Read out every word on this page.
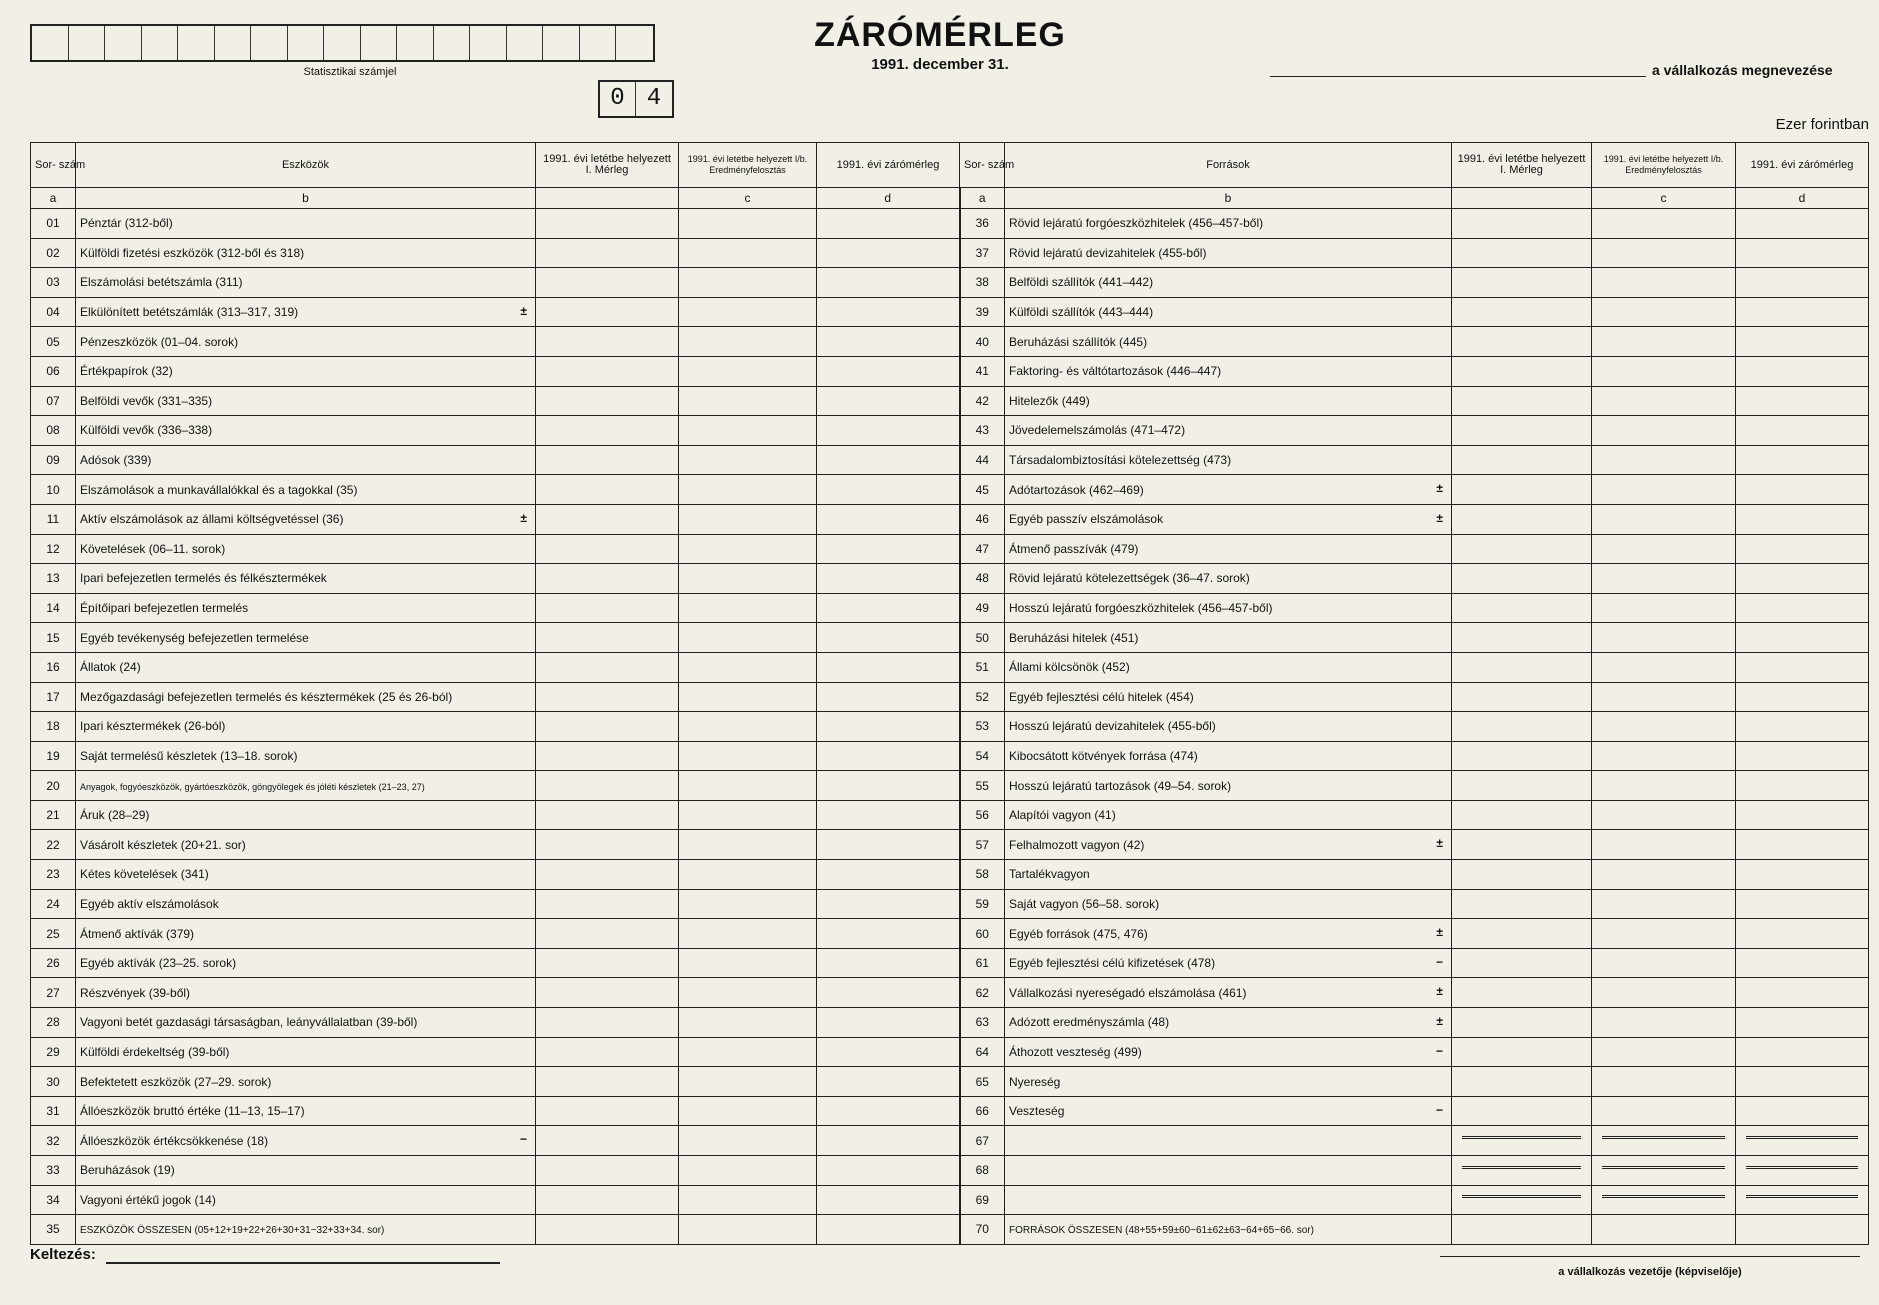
Statisztikai számjel
0 4
ZÁRÓMÉRLEG
1991. december 31.	a vállalkozás megnevezése
Ezer forintban
Sor- szám	Eszközök	1991. évi letétbe helyezett I. Mérleg	1991. évi letétbe helyezett I/b. Eredményfelosztás	1991. évi zárómérleg	Sor- szám	Források	1991. évi letétbe helyezett I. Mérleg	1991. évi letétbe helyezett I/b. Eredményfelosztás	1991. évi zárómérleg
a	b		c	d	a	b		c	d
01	Pénztár (312-ből)				36	Rövid lejáratú forgóeszközhitelek (456–457-ből)

02	Külföldi fizetési eszközök (312-ből és 318)				37	Rövid lejáratú devizahitelek (455-ből)

03	Elszámolási betétszámla (311)				38	Belföldi szállítók (441–442)

04	Elkülönített betétszámlák (313–317, 319) ±				39	Külföldi szállítók (443–444)

05	Pénzeszközök (01–04. sorok)				40	Beruházási szállítók (445)

06	Értékpapírok (32)				41	Faktoring- és váltótartozások (446–447)

07	Belföldi vevők (331–335)				42	Hitelezők (449)

08	Külföldi vevők (336–338)				43	Jövedelemelszámolás (471–472)

09	Adósok (339)				44	Társadalombiztosítási kötelezettség (473)

10	Elszámolások a munkavállalókkal és a tagokkal (35)				45	Adótartozások (462–469) ±			

11	Aktív elszámolások az állami költségvetéssel (36) ±				46	Egyéb passzív elszámolások ±			

12	Követelések (06–11. sorok)				47	Átmenő passzívák (479)

13	Ipari befejezetlen termelés és félkésztermékek				48	Rövid lejáratú kötelezettségek (36–47. sorok)

14	Építőipari befejezetlen termelés				49	Hosszú lejáratú forgóeszközhitelek (456–457-ből)

15	Egyéb tevékenység befejezetlen termelése				50	Beruházási hitelek (451)

16	Állatok (24)				51	Állami kölcsönök (452)

17	Mezőgazdasági befejezetlen termelés és késztermékek (25 és 26-ból)				52	Egyéb fejlesztési célú hitelek (454)

18	Ipari késztermékek (26-ból)				53	Hosszú lejáratú devizahitelek (455-ből)

19	Saját termelésű készletek (13–18. sorok)				54	Kibocsátott kötvények forrása (474)

20	Anyagok, fogyóeszközök, gyártóeszközök, göngyölegek és jóléti készletek (21–23, 27)				55	Hosszú lejáratú tartozások (49–54. sorok)

21	Áruk (28–29)				56	Alapítói vagyon (41)

22	Vásárolt készletek (20+21. sor)				57	Felhalmozott vagyon (42) ±			

23	Kétes követelések (341)				58	Tartalékvagyon

24	Egyéb aktív elszámolások				59	Saját vagyon (56–58. sorok)

25	Átmenő aktívák (379)				60	Egyéb források (475, 476) ±			

26	Egyéb aktívák (23–25. sorok)				61	Egyéb fejlesztési célú kifizetések (478) −			

27	Részvények (39-ből)				62	Vállalkozási nyereségadó elszámolása (461) ±			

28	Vagyoni betét gazdasági társaságban, leányvállalatban (39-ből)				63	Adózott eredményszámla (48) ±			

29	Külföldi érdekeltség (39-ből)				64	Áthozott veszteség (499) −			

30	Befektetett eszközök (27–29. sorok)				65	Nyereség

31	Állóeszközök bruttó értéke (11–13, 15–17)				66	Veszteség −			

32	Állóeszközök értékcsökkenése (18) −				67	

33	Beruházások (19)				68	

34	Vagyoni értékű jogok (14)				69	

35	ESZKÖZÖK ÖSSZESEN (05+12+19+22+26+30+31−32+33+34. sor)				70	FORRÁSOK ÖSSZESEN (48+55+59±60−61±62±63−64+65−66. sor)

Keltezés:
a vállalkozás vezetője (képviselője)
